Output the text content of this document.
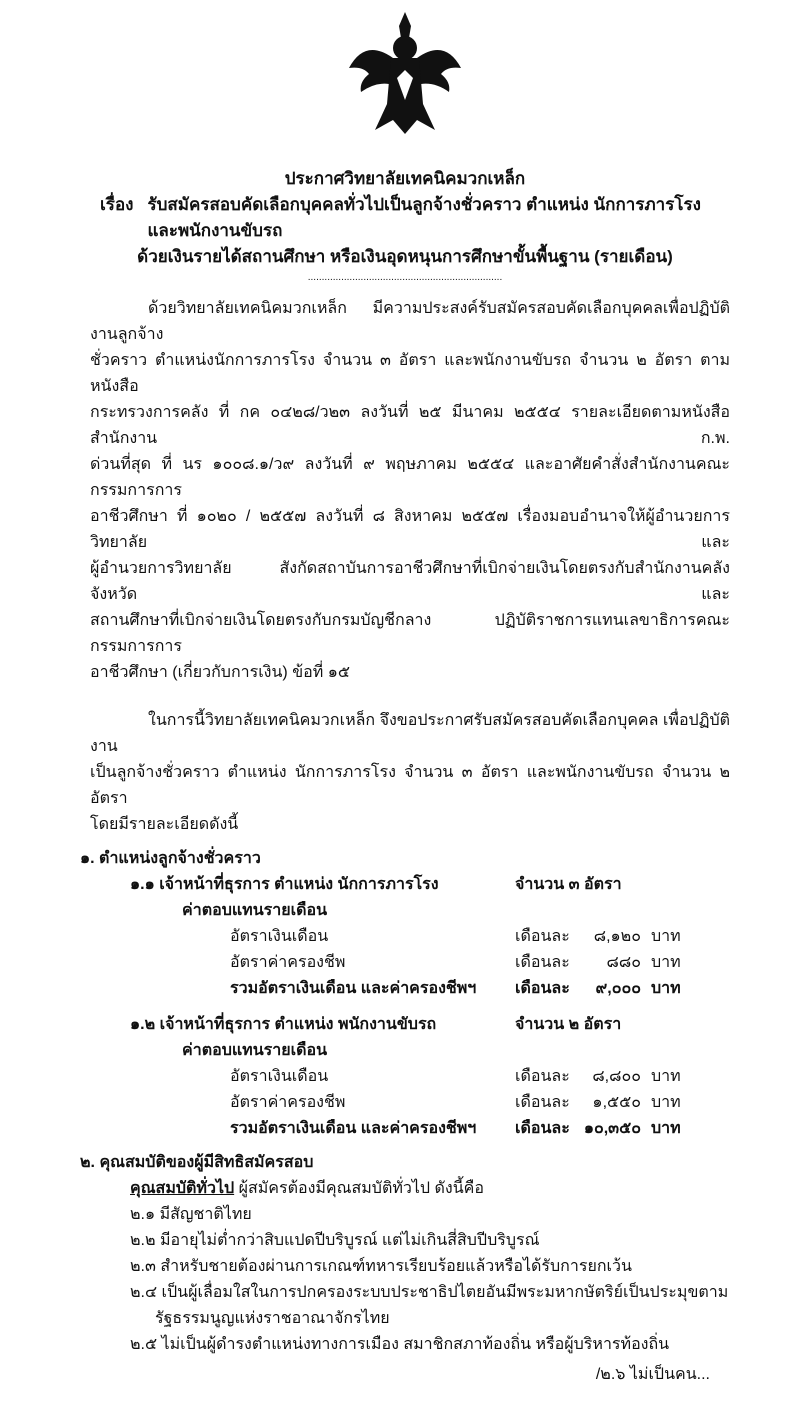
ประกาศวิทยาลัยเทคนิคมวกเหล็ก
เรื่อง รับสมัครสอบคัดเลือกบุคคลทั่วไปเป็นลูกจ้างชั่วคราว ตำแหน่ง นักการภารโรงและพนักงานขับรถ
ด้วยเงินรายได้สถานศึกษา หรือเงินอุดหนุนการศึกษาขั้นพื้นฐาน (รายเดือน)
......................................................................
ด้วยวิทยาลัยเทคนิคมวกเหล็ก มีความประสงค์รับสมัครสอบคัดเลือกบุคคลเพื่อปฏิบัติงานลูกจ้าง
ชั่วคราว ตำแหน่งนักการภารโรง จำนวน ๓ อัตรา และพนักงานขับรถ จำนวน ๒ อัตรา ตามหนังสือ
กระทรวงการคลัง ที่ กค ๐๔๒๘/ว๒๓ ลงวันที่ ๒๕ มีนาคม ๒๕๕๔ รายละเอียดตามหนังสือสำนักงาน ก.พ.
ด่วนที่สุด ที่ นร ๑๐๐๘.๑/ว๙ ลงวันที่ ๙ พฤษภาคม ๒๕๕๔ และอาศัยคำสั่งสำนักงานคณะกรรมการการ
อาชีวศึกษา ที่ ๑๐๒๐ / ๒๕๕๗ ลงวันที่ ๘ สิงหาคม ๒๕๕๗ เรื่องมอบอำนาจให้ผู้อำนวยการวิทยาลัย และ
ผู้อำนวยการวิทยาลัย สังกัดสถาบันการอาชีวศึกษาที่เบิกจ่ายเงินโดยตรงกับสำนักงานคลังจังหวัด และ
สถานศึกษาที่เบิกจ่ายเงินโดยตรงกับกรมบัญชีกลาง ปฏิบัติราชการแทนเลขาธิการคณะกรรมการการ
อาชีวศึกษา (เกี่ยวกับการเงิน) ข้อที่ ๑๕
ในการนี้วิทยาลัยเทคนิคมวกเหล็ก จึงขอประกาศรับสมัครสอบคัดเลือกบุคคล เพื่อปฏิบัติงาน
เป็นลูกจ้างชั่วคราว ตำแหน่ง นักการภารโรง จำนวน ๓ อัตรา และพนักงานขับรถ จำนวน ๒ อัตรา
โดยมีรายละเอียดดังนี้
๑. ตำแหน่งลูกจ้างชั่วคราว
๑.๑ เจ้าหน้าที่ธุรการ ตำแหน่ง นักการภารโรง	จำนวน ๓ อัตรา
ค่าตอบแทนรายเดือน
อัตราเงินเดือน	เดือนละ	๘,๑๒๐ บาท
อัตราค่าครองชีพ	เดือนละ	๘๘๐ บาท
รวมอัตราเงินเดือน และค่าครองชีพฯ	เดือนละ	๙,๐๐๐ บาท
๑.๒ เจ้าหน้าที่ธุรการ ตำแหน่ง พนักงานขับรถ	จำนวน ๒ อัตรา
ค่าตอบแทนรายเดือน
อัตราเงินเดือน	เดือนละ	๘,๘๐๐ บาท
อัตราค่าครองชีพ	เดือนละ	๑,๕๕๐ บาท
รวมอัตราเงินเดือน และค่าครองชีพฯ	เดือนละ ๑๐,๓๕๐ บาท
๒. คุณสมบัติของผู้มีสิทธิสมัครสอบ
คุณสมบัติทั่วไป ผู้สมัครต้องมีคุณสมบัติทั่วไป ดังนี้คือ
๒.๑ มีสัญชาติไทย
๒.๒ มีอายุไม่ต่ำกว่าสิบแปดปีบริบูรณ์ แต่ไม่เกินสี่สิบปีบริบูรณ์
๒.๓ สำหรับชายต้องผ่านการเกณฑ์ทหารเรียบร้อยแล้วหรือได้รับการยกเว้น
๒.๔ เป็นผู้เลื่อมใสในการปกครองระบบประชาธิปไตยอันมีพระมหากษัตริย์เป็นประมุขตาม
รัฐธรรมนูญแห่งราชอาณาจักรไทย
๒.๕ ไม่เป็นผู้ดำรงตำแหน่งทางการเมือง สมาชิกสภาท้องถิ่น หรือผู้บริหารท้องถิ่น
/๒.๖ ไม่เป็นคน...
